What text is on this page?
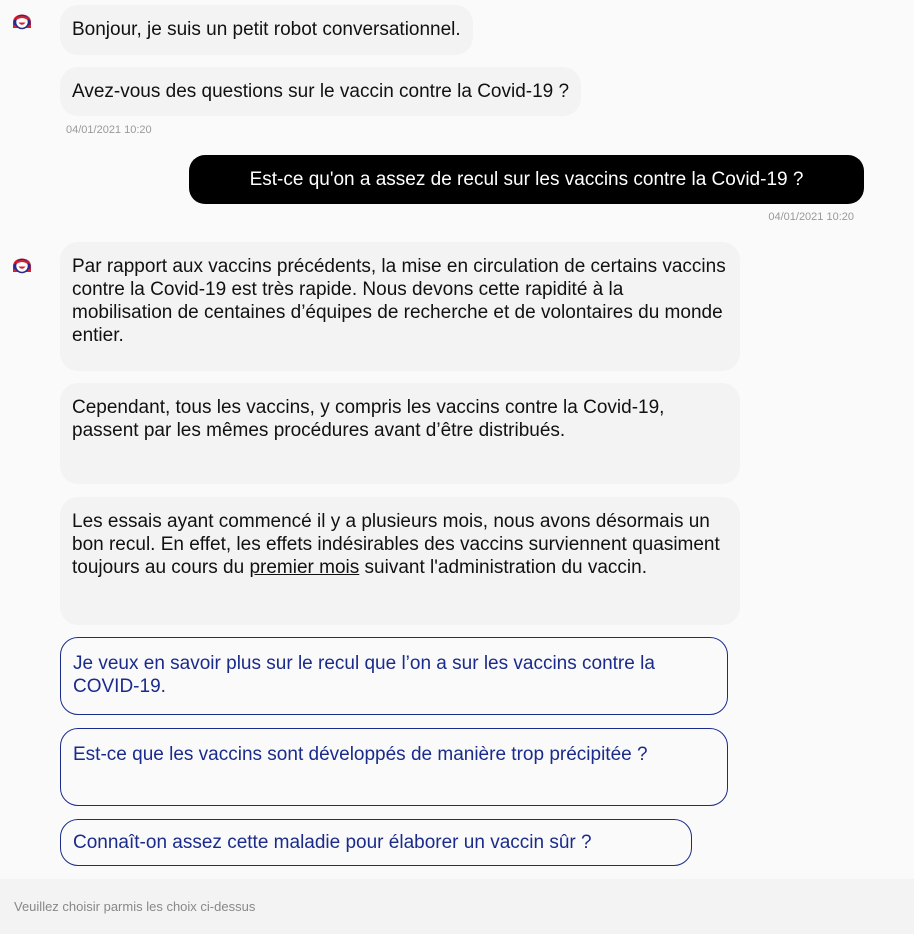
Bonjour, je suis un petit robot conversationnel.
Avez-vous des questions sur le vaccin contre la Covid-19 ?
04/01/2021 10:20
Est-ce qu'on a assez de recul sur les vaccins contre la Covid-19 ?
04/01/2021 10:20
Par rapport aux vaccins précédents, la mise en circulation de certains vaccins contre la Covid-19 est très rapide. Nous devons cette rapidité à la mobilisation de centaines d’équipes de recherche et de volontaires du monde entier.
Cependant, tous les vaccins, y compris les vaccins contre la Covid-19, passent par les mêmes procédures avant d’être distribués.
Les essais ayant commencé il y a plusieurs mois, nous avons désormais un bon recul. En effet, les effets indésirables des vaccins surviennent quasiment toujours au cours du premier mois suivant l'administration du vaccin.
Je veux en savoir plus sur le recul que l’on a sur les vaccins contre la COVID-19.
Est-ce que les vaccins sont développés de manière trop précipitée ?
Connaît-on assez cette maladie pour élaborer un vaccin sûr ?
Veuillez choisir parmis les choix ci-dessus
